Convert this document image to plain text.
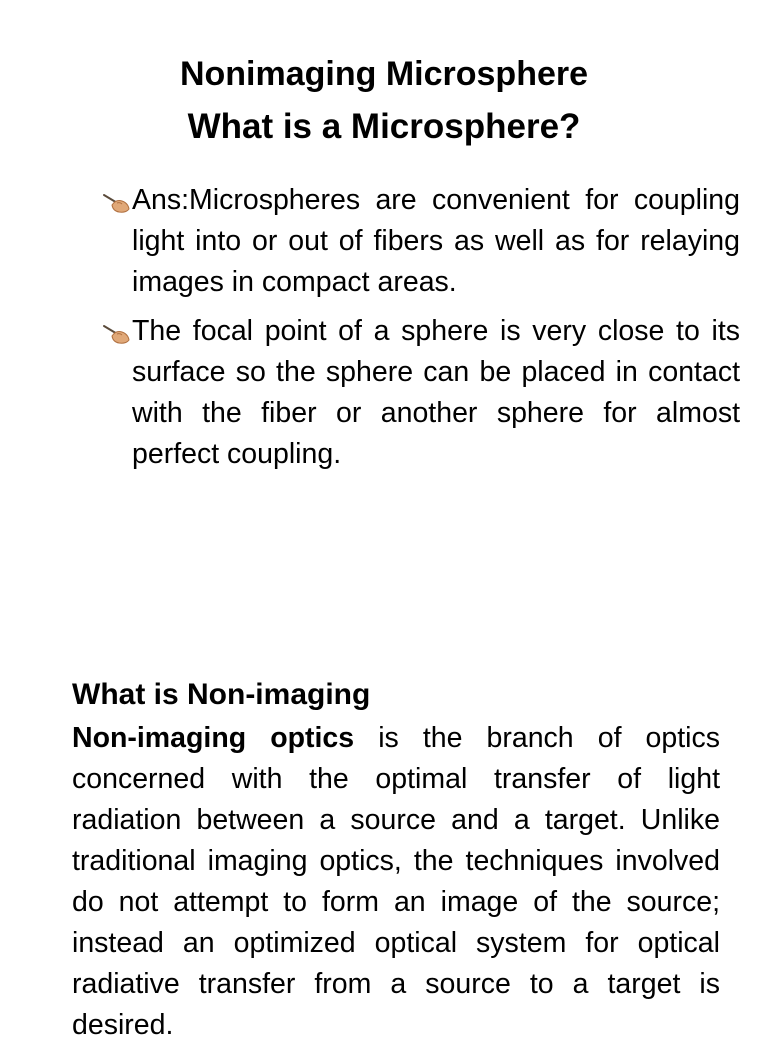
Nonimaging Microsphere
What is a Microsphere?
Ans:Microspheres are convenient for coupling light into or out of fibers as well as for relaying images in compact areas.
The focal point of a sphere is very close to its surface so the sphere can be placed in contact with the fiber or another sphere for almost perfect coupling.
What is Non-imaging

Non-imaging optics is the branch of optics concerned with the optimal transfer of light radiation between a source and a target. Unlike traditional imaging optics, the techniques involved do not attempt to form an image of the source; instead an optimized optical system for optical radiative transfer from a source to a target is desired.
